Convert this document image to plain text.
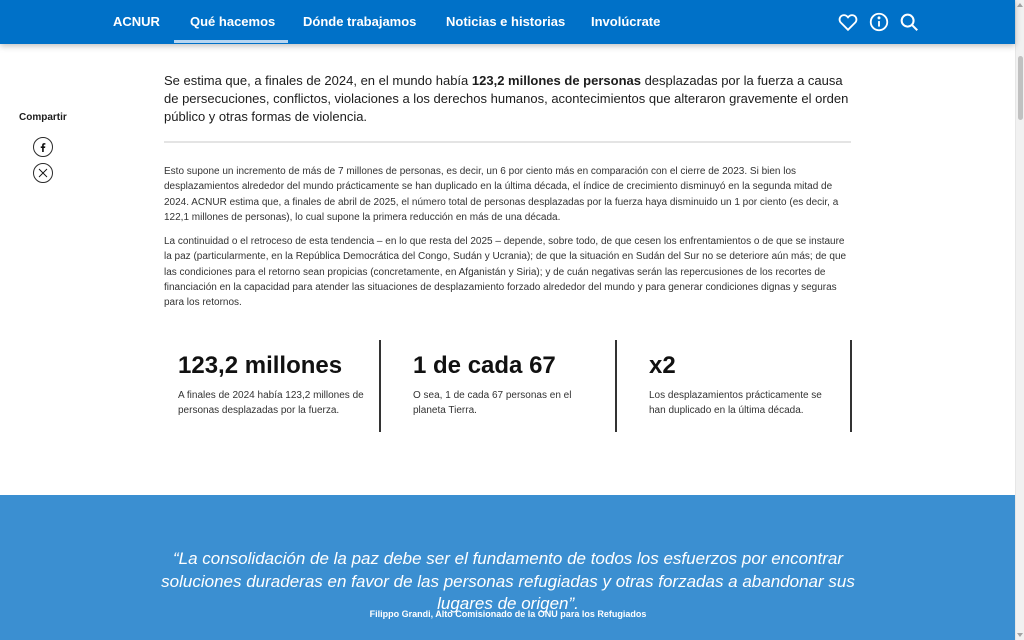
ACNUR Qué hacemos Dónde trabajamos Noticias e historias Involúcrate
Compartir
Se estima que, a finales de 2024, en el mundo había 123,2 millones de personas desplazadas por la fuerza a causa de persecuciones, conflictos, violaciones a los derechos humanos, acontecimientos que alteraron gravemente el orden público y otras formas de violencia.
Esto supone un incremento de más de 7 millones de personas, es decir, un 6 por ciento más en comparación con el cierre de 2023. Si bien los desplazamientos alrededor del mundo prácticamente se han duplicado en la última década, el índice de crecimiento disminuyó en la segunda mitad de 2024. ACNUR estima que, a finales de abril de 2025, el número total de personas desplazadas por la fuerza haya disminuido un 1 por ciento (es decir, a 122,1 millones de personas), lo cual supone la primera reducción en más de una década.
La continuidad o el retroceso de esta tendencia – en lo que resta del 2025 – depende, sobre todo, de que cesen los enfrentamientos o de que se instaure la paz (particularmente, en la República Democrática del Congo, Sudán y Ucrania); de que la situación en Sudán del Sur no se deteriore aún más; de que las condiciones para el retorno sean propicias (concretamente, en Afganistán y Siria); y de cuán negativas serán las repercusiones de los recortes de financiación en la capacidad para atender las situaciones de desplazamiento forzado alrededor del mundo y para generar condiciones dignas y seguras para los retornos.
123,2 millones
A finales de 2024 había 123,2 millones de personas desplazadas por la fuerza.
1 de cada 67
O sea, 1 de cada 67 personas en el planeta Tierra.
x2
Los desplazamientos prácticamente se han duplicado en la última década.
“La consolidación de la paz debe ser el fundamento de todos los esfuerzos por encontrar soluciones duraderas en favor de las personas refugiadas y otras forzadas a abandonar sus lugares de origen”.
Filippo Grandi, Alto Comisionado de la ONU para los Refugiados
